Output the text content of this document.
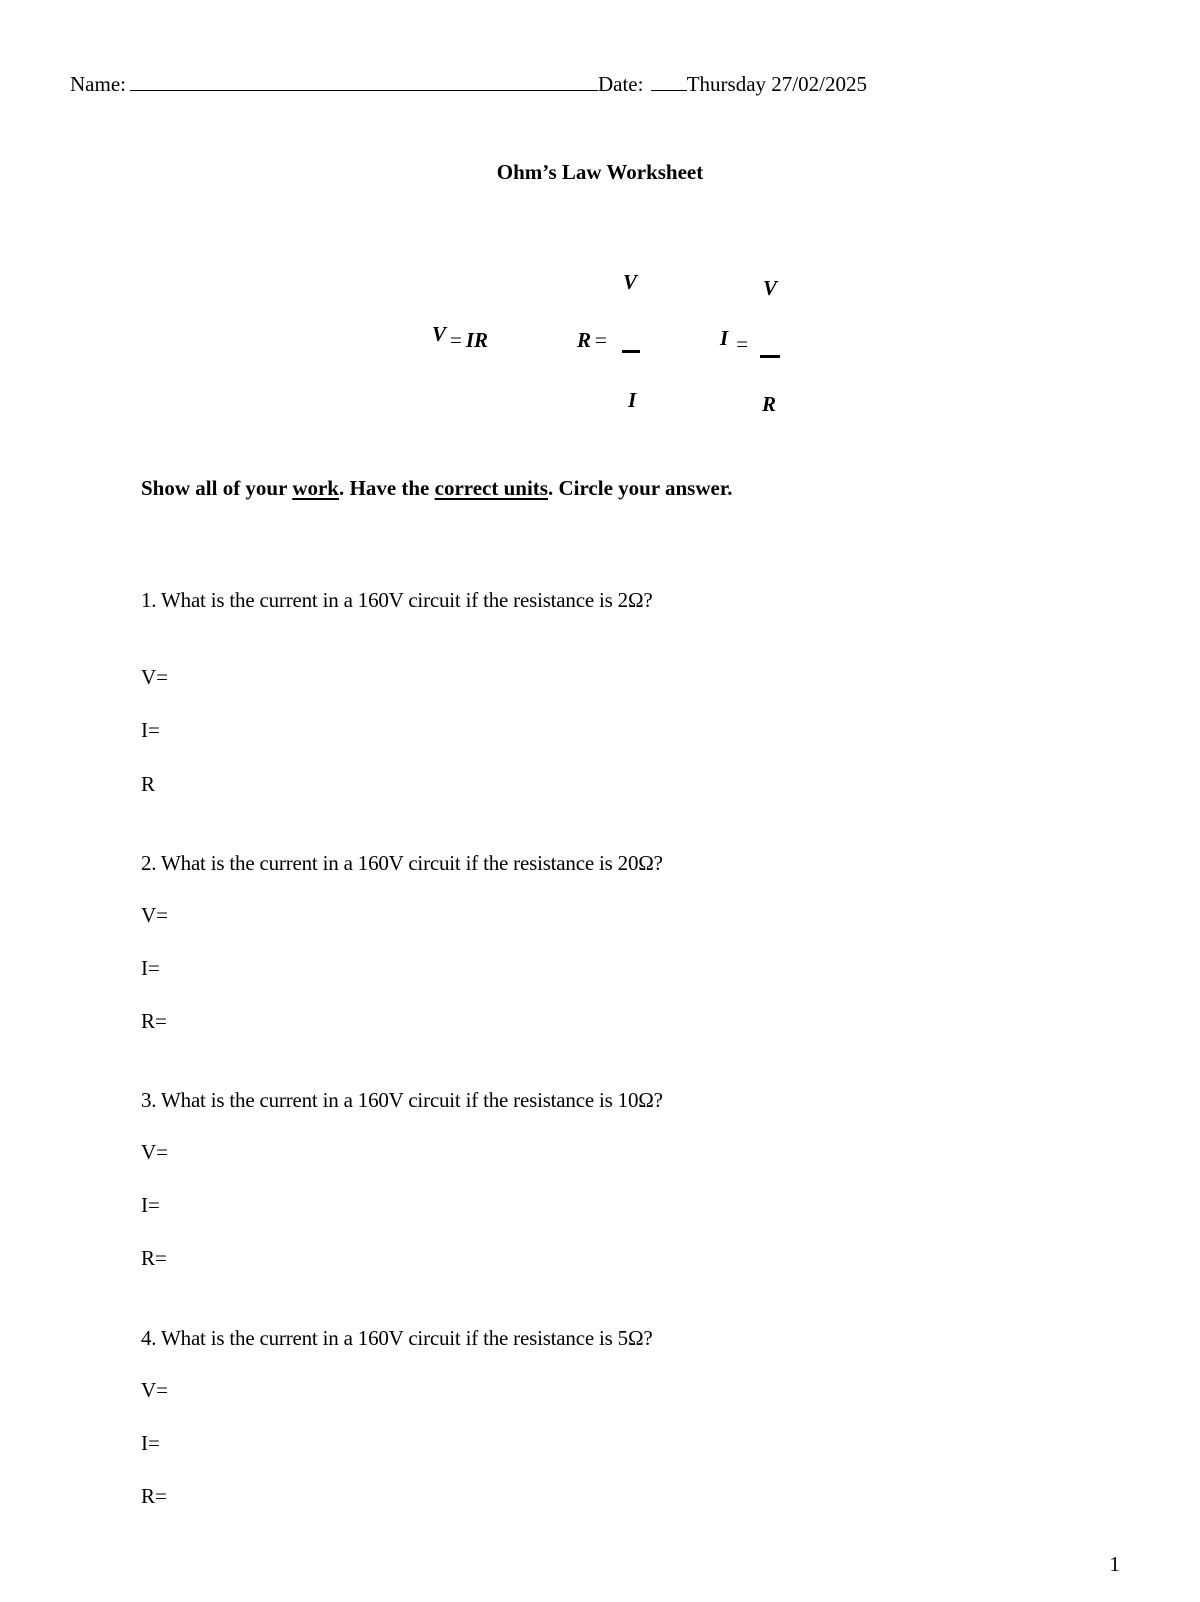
Name:	Date: Thursday 27/02/2025
Ohm’s Law Worksheet
V = IR
V
R =
I
V
I =
R
Show all of your work. Have the correct units. Circle your answer.
1. What is the current in a 160V circuit if the resistance is 2Ω?
V=
I=
R
2. What is the current in a 160V circuit if the resistance is 20Ω?
V=
I=
R=
3. What is the current in a 160V circuit if the resistance is 10Ω?
V=
I=
R=
4. What is the current in a 160V circuit if the resistance is 5Ω?
V=
I=
R=
1
